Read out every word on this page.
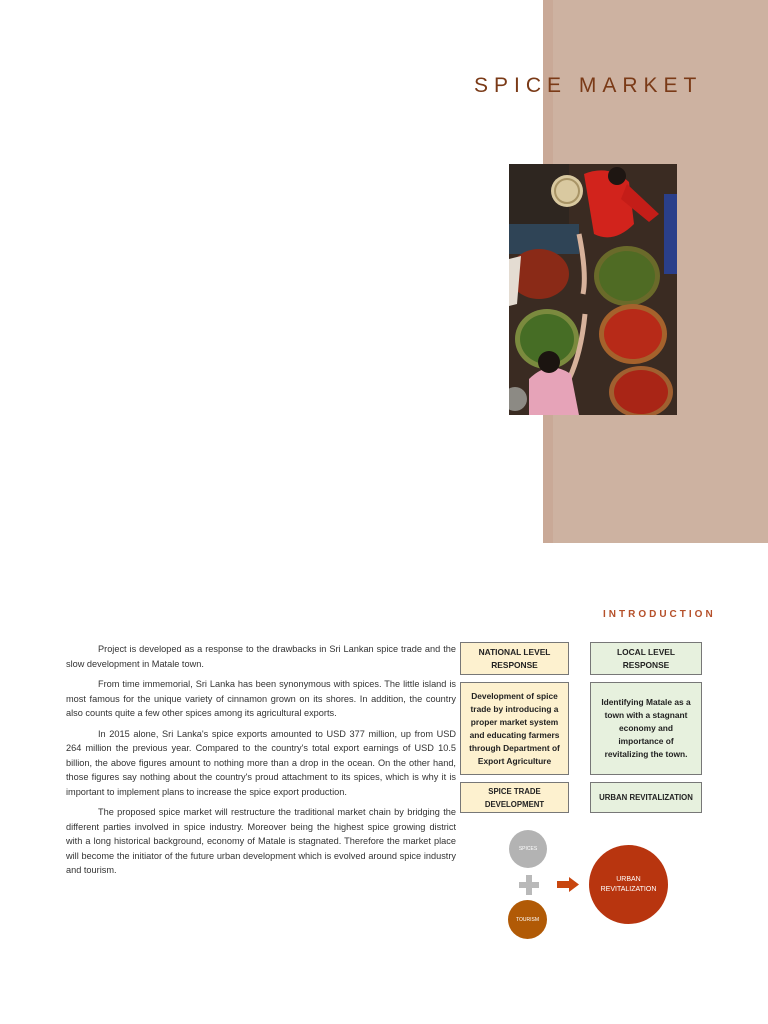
SPICE MARKET
INTRODUCTION

Project is developed as a response to the drawbacks in Sri Lankan spice trade and the slow development in Matale town.

From time immemorial, Sri Lanka has been synonymous with spices. The little island is most famous for the unique variety of cinnamon grown on its shores. In addition, the country also counts quite a few other spices among its agricultural exports.

In 2015 alone, Sri Lanka's spice exports amounted to USD 377 million, up from USD 264 million the previous year. Compared to the country's total export earnings of USD 10.5 billion, the above figures amount to nothing more than a drop in the ocean. On the other hand, those figures say nothing about the country's proud attachment to its spices, which is why it is important to implement plans to increase the spice export production.

The proposed spice market will restructure the traditional market chain by bridging the different parties involved in spice industry. Moreover being the highest spice growing district with a long historical background, economy of Matale is stagnated. Therefore the market place will become the initiator of the future urban development which is evolved around spice industry and tourism.

NATIONAL LEVEL RESPONSE
LOCAL LEVEL RESPONSE
Development of spice trade by introducing a proper market system and educating farmers through Department of Export Agriculture
Identifying Matale as a town with a stagnant economy and importance of revitalizing the town.
SPICE TRADE DEVELOPMENT
URBAN REVITALIZATION
SPICES
TOURISM
URBAN REVITALIZATION
